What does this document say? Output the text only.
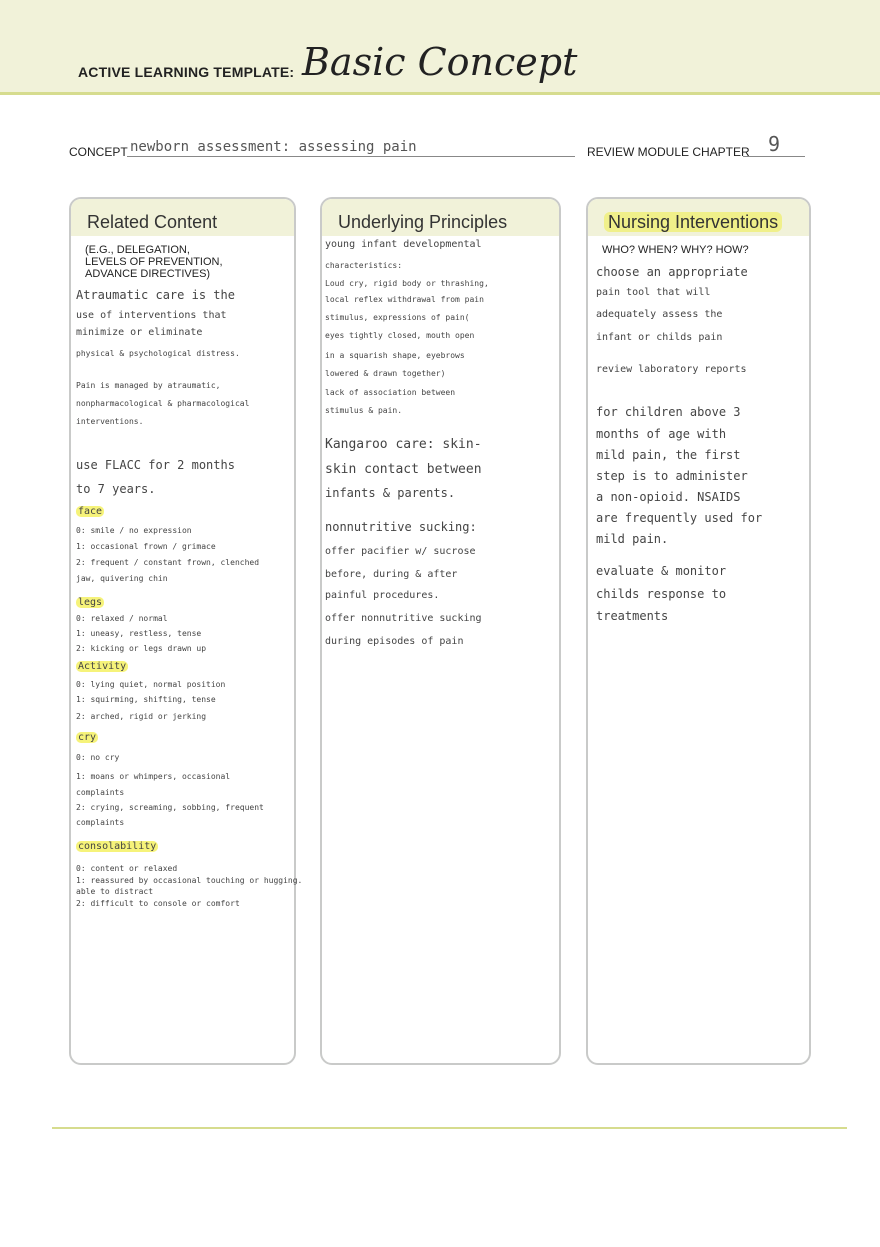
ACTIVE LEARNING TEMPLATE: Basic Concept
CONCEPT newborn assessment: assessing pain	REVIEW MODULE CHAPTER 9
Related Content
(E.G., DELEGATION,
LEVELS OF PREVENTION,
ADVANCE DIRECTIVES)
Atraumatic care is the
use of interventions that
minimize or eliminate
physical & psychological distress.
Pain is managed by atraumatic,
nonpharmacological & pharmacological
interventions.
use FLACC for 2 months
to 7 years.
face
0: smile / no expression
1: occasional frown / grimace
2: frequent / constant frown, clenched
jaw, quivering chin
legs
0: relaxed / normal
1: uneasy, restless, tense
2: kicking or legs drawn up
Activity
0: lying quiet, normal position
1: squirming, shifting, tense
2: arched, rigid or jerking
cry
0: no cry
1: moans or whimpers, occasional
complaints
2: crying, screaming, sobbing, frequent
complaints
consolability
0: content or relaxed
1: reassured by occasional touching or hugging.
able to distract
2: difficult to console or comfort
Underlying Principles
young infant developmental
characteristics:
Loud cry, rigid body or thrashing,
local reflex withdrawal from pain
stimulus, expressions of pain(
eyes tightly closed, mouth open
in a squarish shape, eyebrows
lowered & drawn together)
lack of association between
stimulus & pain.
Kangaroo care: skin-
skin contact between
infants & parents.
nonnutritive sucking:
offer pacifier w/ sucrose
before, during & after
painful procedures.
offer nonnutritive sucking
during episodes of pain
Nursing Interventions
WHO? WHEN? WHY? HOW?
choose an appropriate
pain tool that will
adequately assess the
infant or childs pain
review laboratory reports
for children above 3
months of age with
mild pain, the first
step is to administer
a non-opioid. NSAIDS
are frequently used for
mild pain.
evaluate & monitor
childs response to
treatments
